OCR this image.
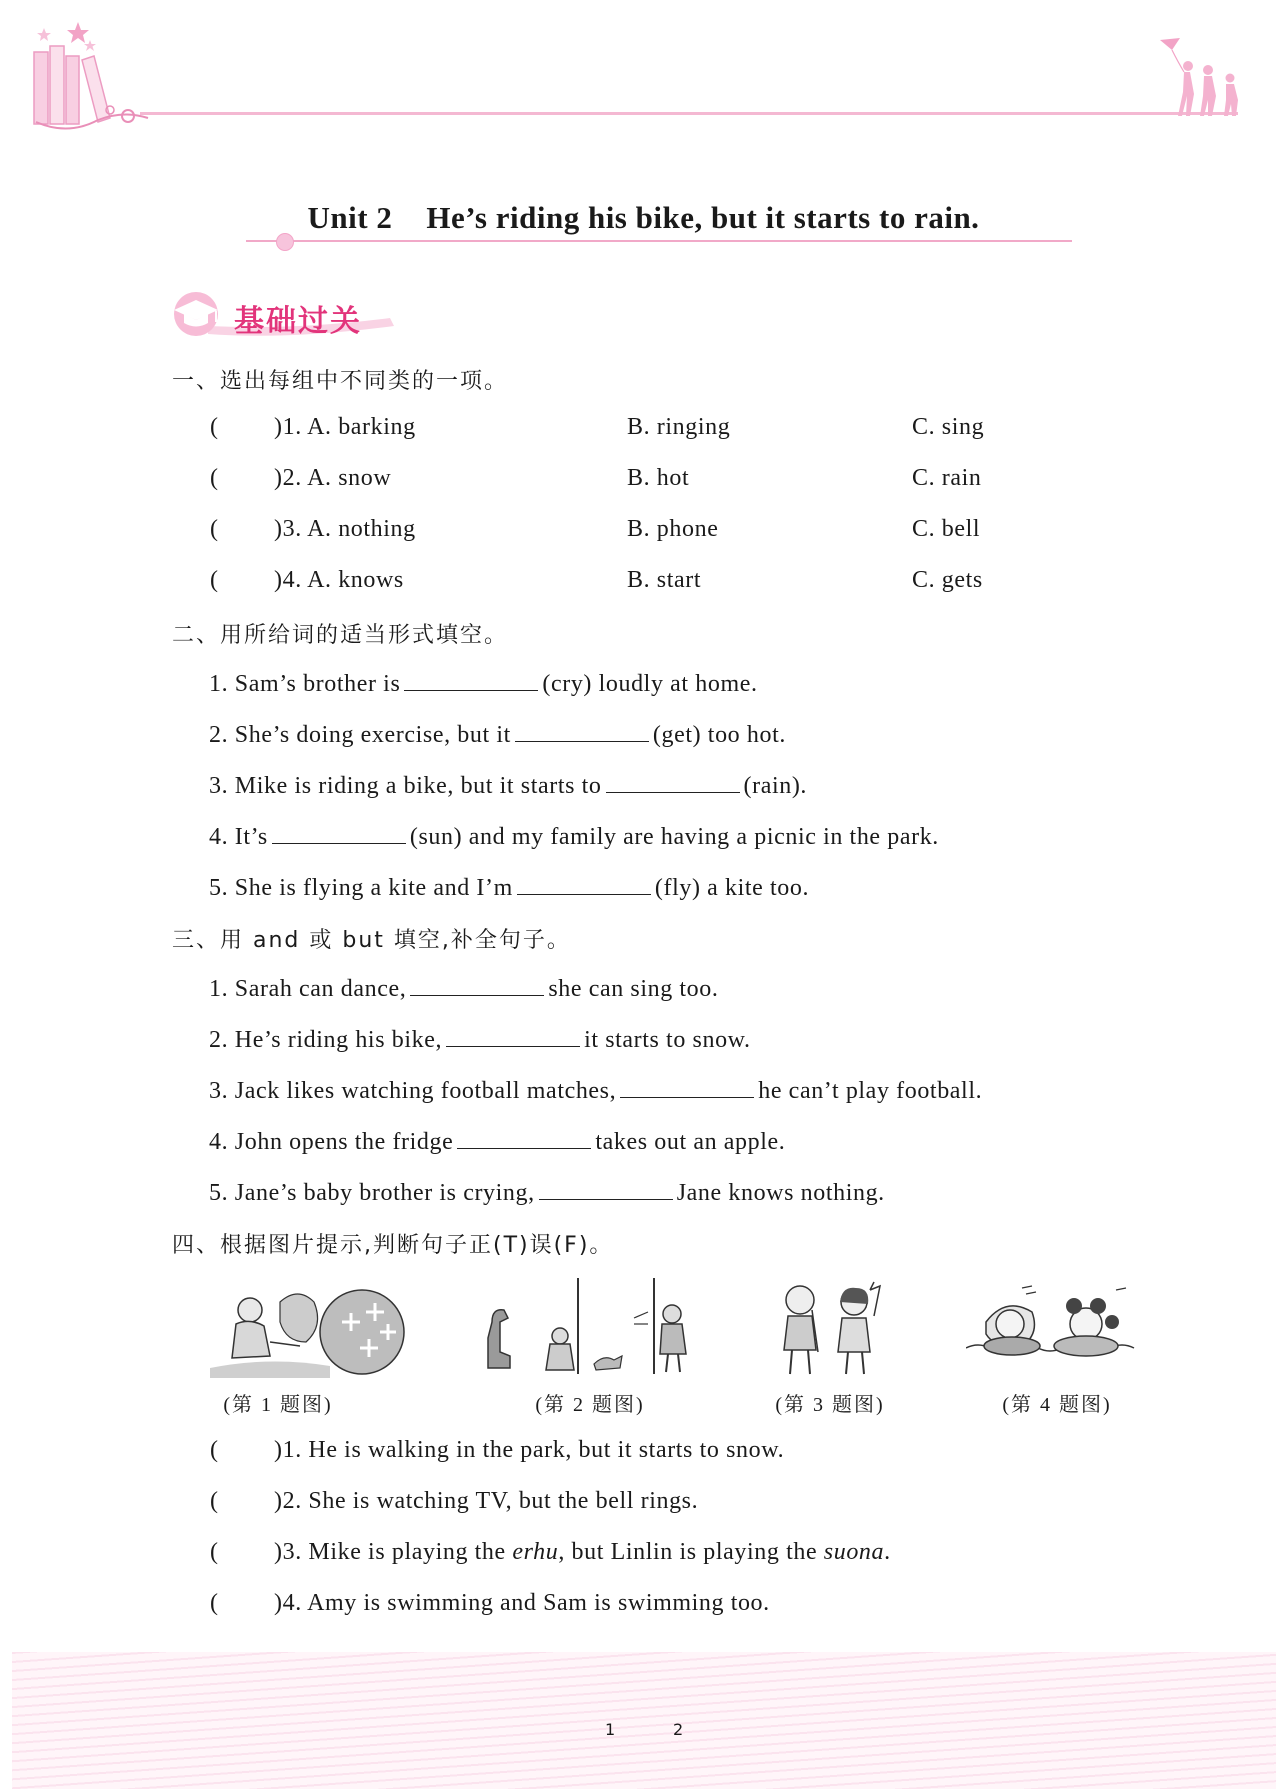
Unit 2 He’s riding his bike, but it starts to rain.
基础过关
一、选出每组中不同类的一项。
( )1. A. barking	B. ringing	C. sing
( )2. A. snow	B. hot	C. rain
( )3. A. nothing	B. phone	C. bell
( )4. A. knows	B. start	C. gets
二、用所给词的适当形式填空。
1. Sam’s brother is	(cry) loudly at home.
2. She’s doing exercise, but it	(get) too hot.
3. Mike is riding a bike, but it starts to	(rain).
4. It’s	(sun) and my family are having a picnic in the park.
5. She is flying a kite and I’m	(fly) a kite too.
三、用 and 或 but 填空,补全句子。
1. Sarah can dance,	she can sing too.
2. He’s riding his bike,	it starts to snow.
3. Jack likes watching football matches,	he can’t play football.
4. John opens the fridge	takes out an apple.
5. Jane’s baby brother is crying,	Jane knows nothing.
四、根据图片提示,判断句子正(T)误(F)。
(第 1 题图)	(第 2 题图)	(第 3 题图)	(第 4 题图)
( )1. He is walking in the park, but it starts to snow.
( )2. She is watching TV, but the bell rings.
( )3. Mike is playing the erhu, but Linlin is playing the suona.
( )4. Amy is swimming and Sam is swimming too.
1	2
